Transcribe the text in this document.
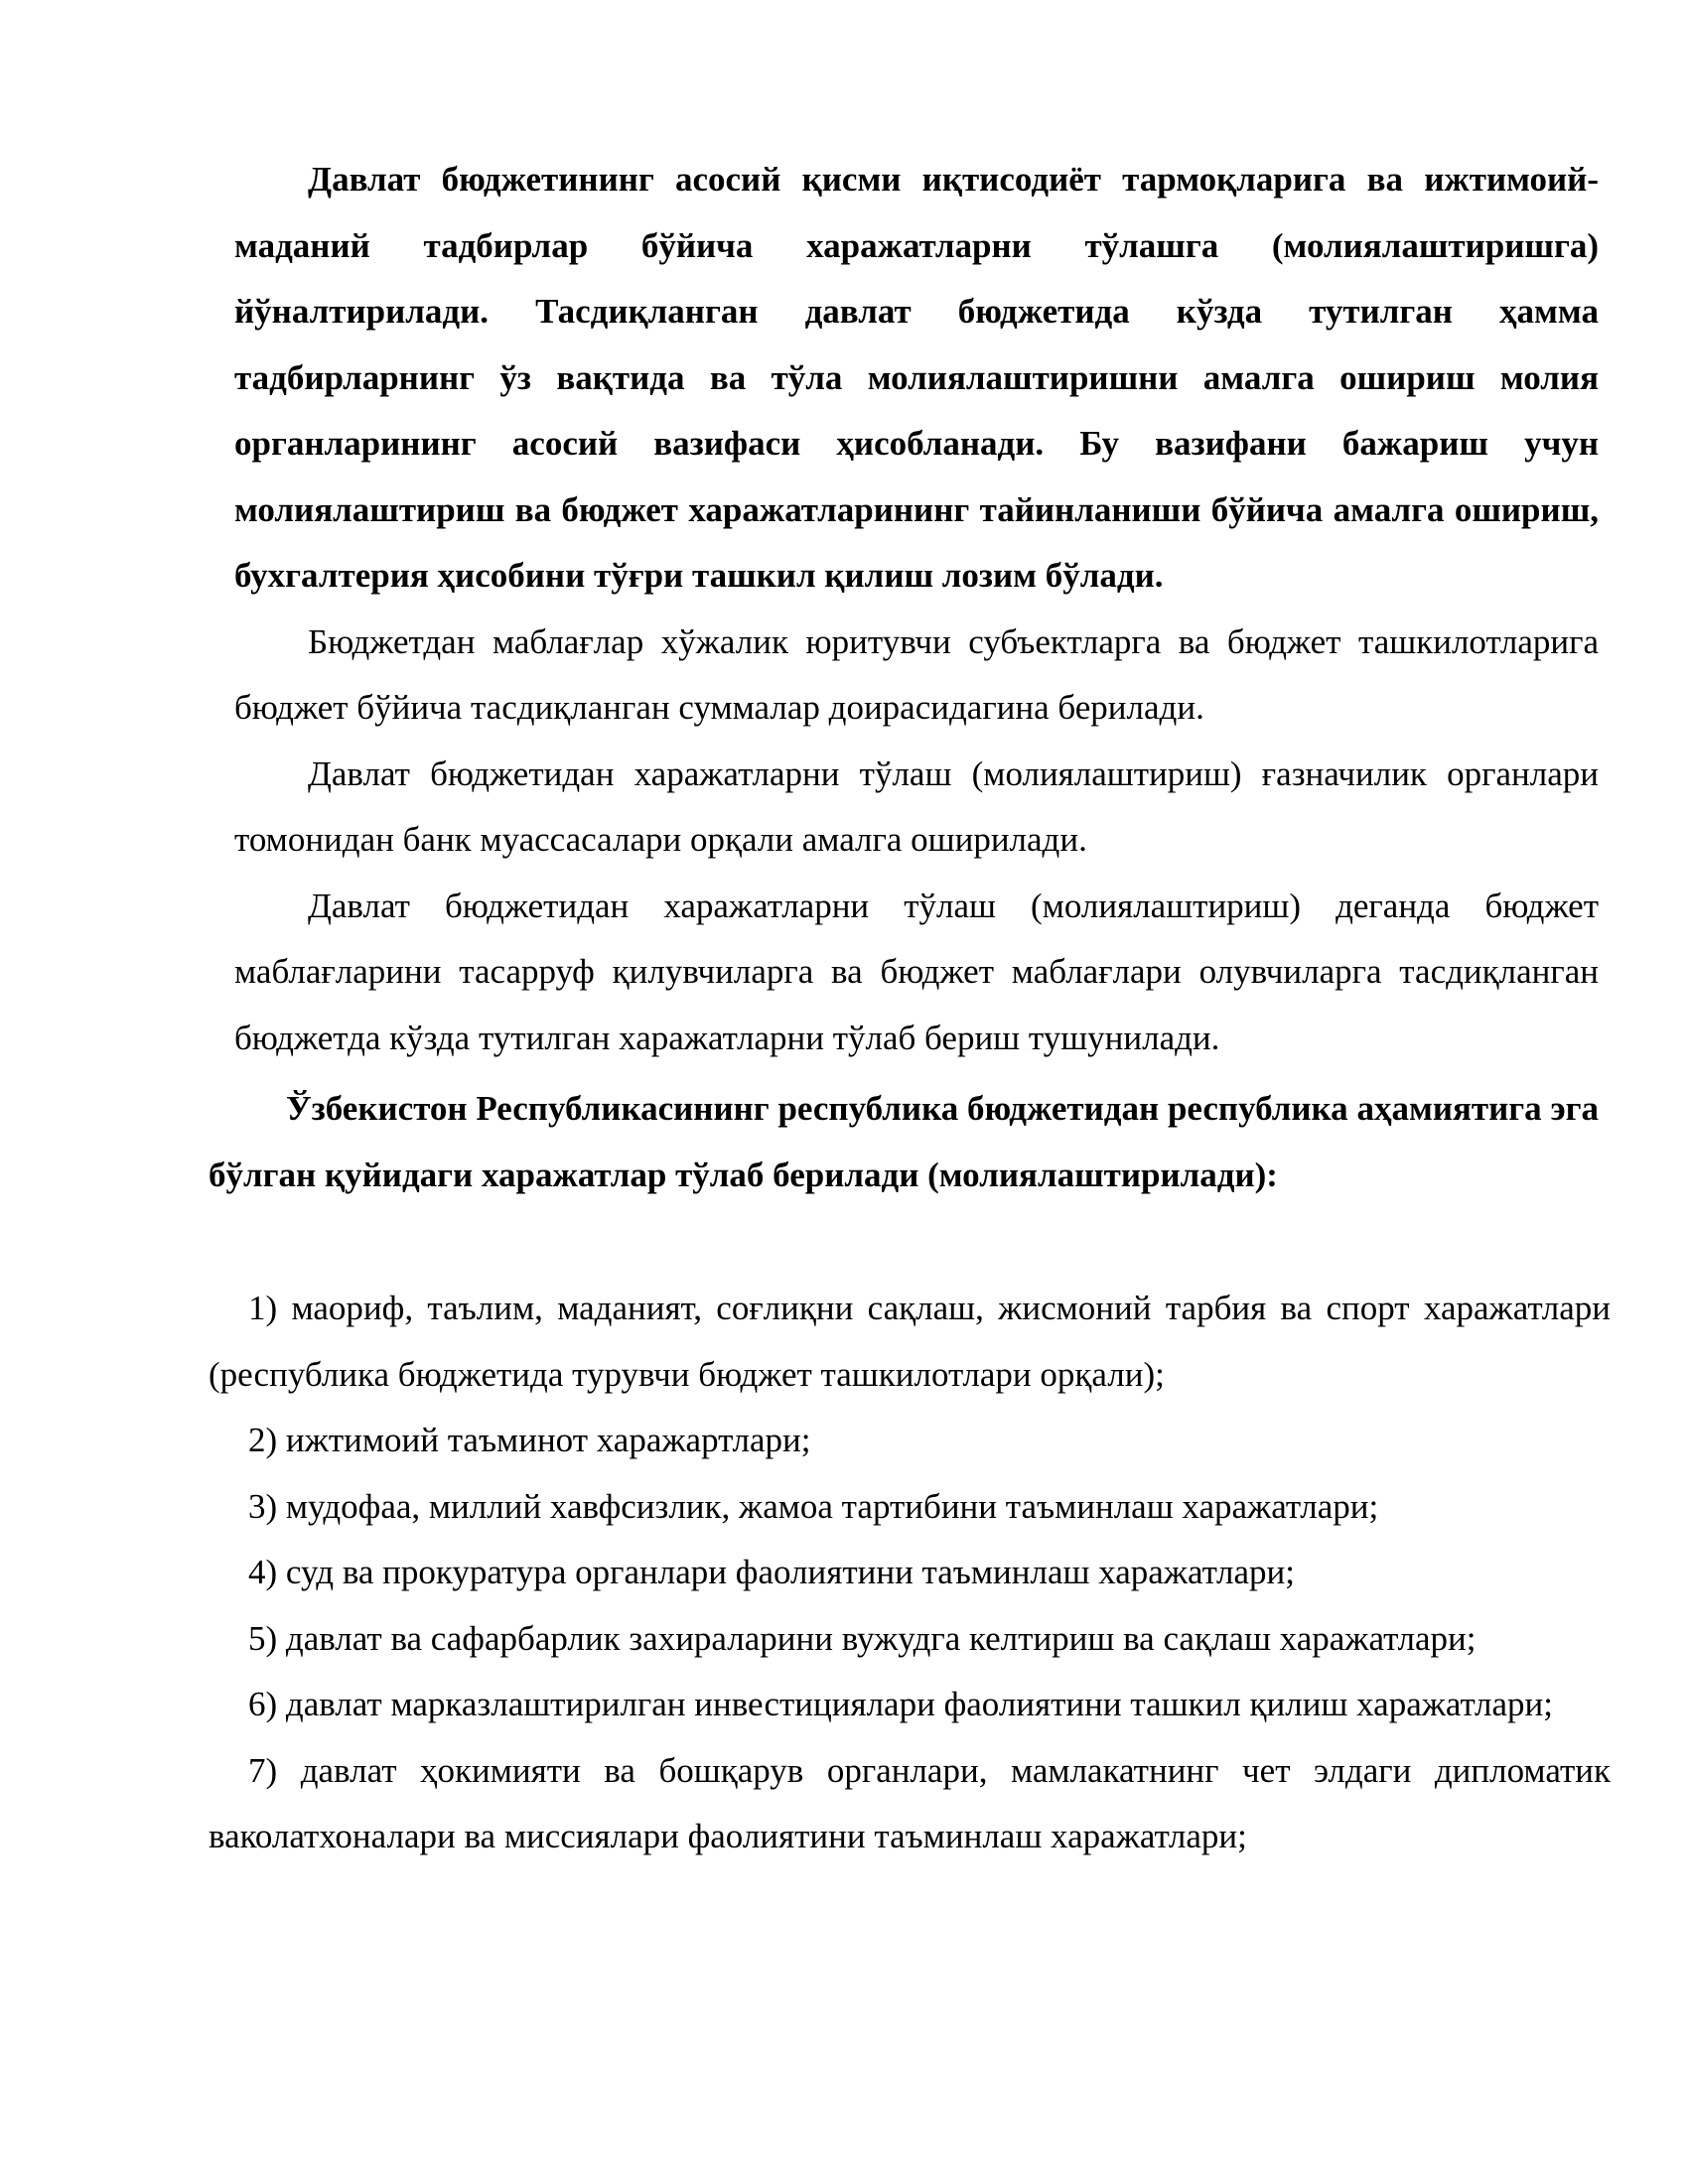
Давлат бюджетининг асосий қисми иқтисодиёт тармоқларига ва ижтимоий-маданий тадбирлар бўйича харажатларни тўлашга (молиялаштиришга) йўналтирилади. Тасдиқланган давлат бюджетида кўзда тутилган ҳамма тадбирларнинг ўз вақтида ва тўла молиялаштиришни амалга ошириш молия органларининг асосий вазифаси ҳисобланади. Бу вазифани бажариш учун молиялаштириш ва бюджет харажатларининг тайинланиши бўйича амалга ошириш, бухгалтерия ҳисобини тўғри ташкил қилиш лозим бўлади.

Бюджетдан маблағлар хўжалик юритувчи субъектларга ва бюджет ташкилотларига бюджет бўйича тасдиқланган суммалар доирасидагина берилади.

Давлат бюджетидан харажатларни тўлаш (молиялаштириш) ғазначилик органлари томонидан банк муассасалари орқали амалга оширилади.

Давлат бюджетидан харажатларни тўлаш (молиялаштириш) деганда бюджет маблағларини тасарруф қилувчиларга ва бюджет маблағлари олувчиларга тасдиқланган бюджетда кўзда тутилган харажатларни тўлаб бериш тушунилади.

Ўзбекистон Республикасининг республика бюджетидан республика аҳамиятига эга бўлган қуйидаги харажатлар тўлаб берилади (молиялаштирилади):

1) маориф, таълим, маданият, соғлиқни сақлаш, жисмоний тарбия ва спорт харажатлари (республика бюджетида турувчи бюджет ташкилотлари орқали);

2) ижтимоий таъминот харажартлари;

3) мудофаа, миллий хавфсизлик, жамоа тартибини таъминлаш харажатлари;

4) суд ва прокуратура органлари фаолиятини таъминлаш харажатлари;

5) давлат ва сафарбарлик захираларини вужудга келтириш ва сақлаш харажатлари;

6) давлат марказлаштирилган инвестициялари фаолиятини ташкил қилиш харажатлари;

7) давлат ҳокимияти ва бошқарув органлари, мамлакатнинг чет элдаги дипломатик ваколатхоналари ва миссиялари фаолиятини таъминлаш харажатлари;
